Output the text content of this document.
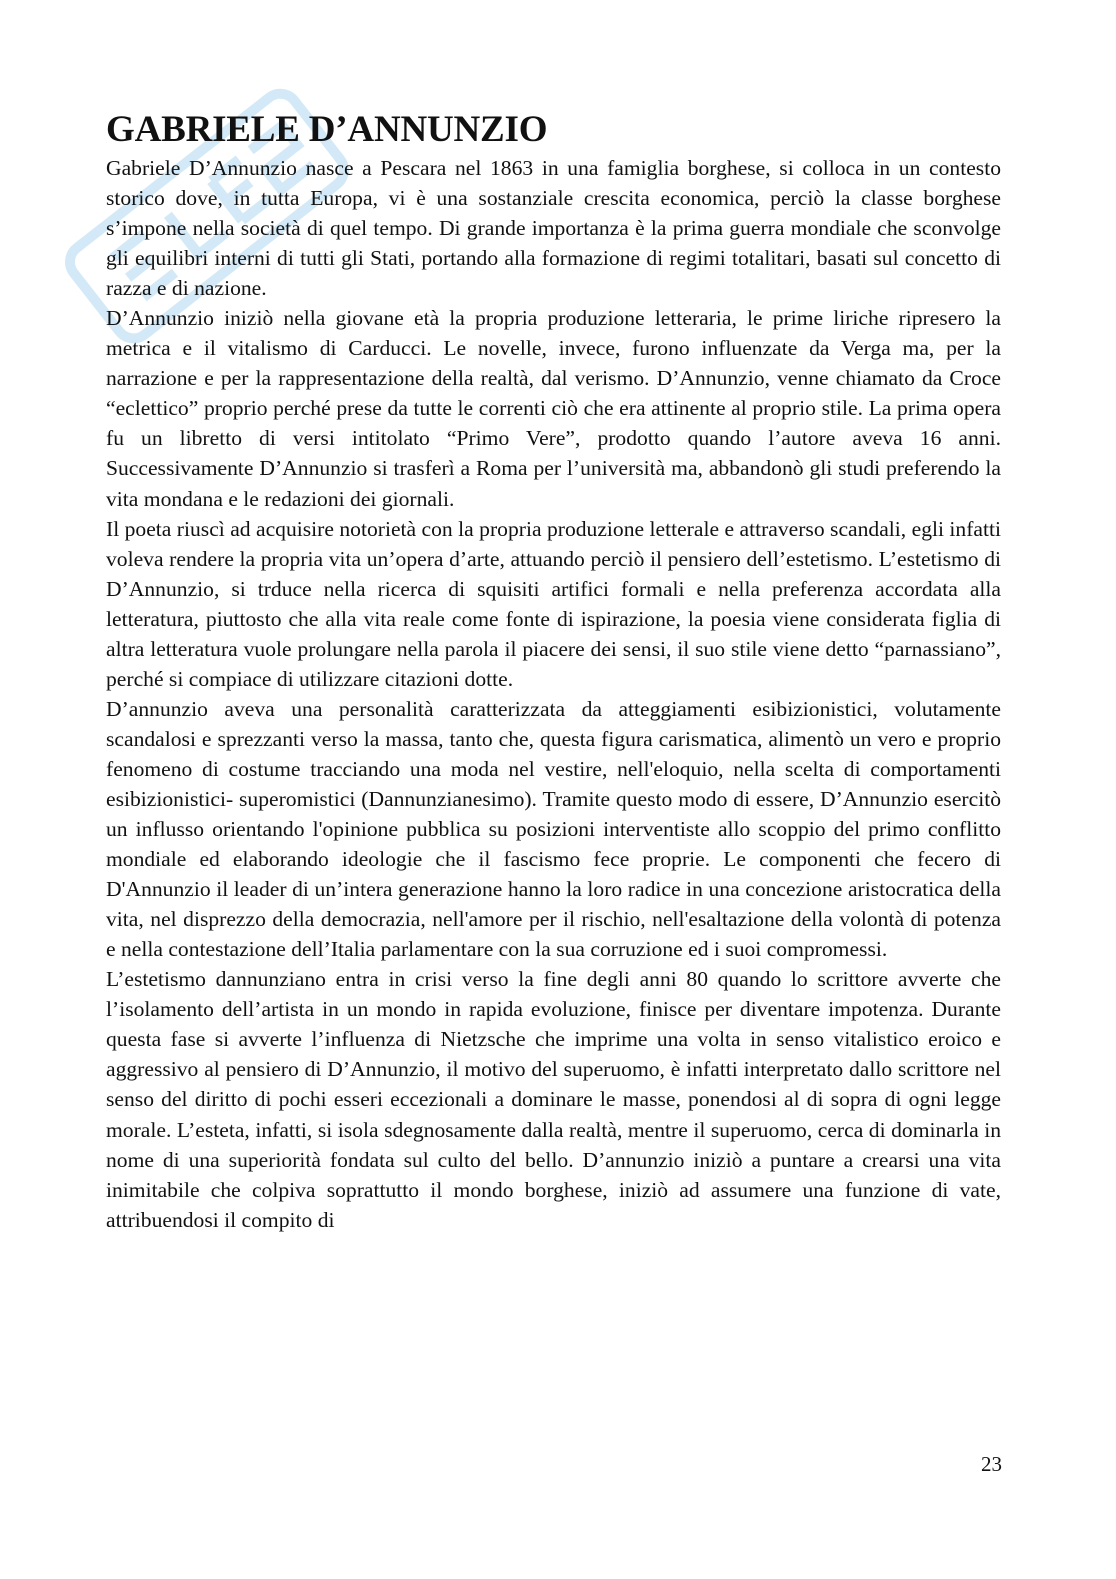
GABRIELE D’ANNUNZIO

Gabriele D’Annunzio nasce a Pescara nel 1863 in una famiglia borghese, si colloca in un contesto storico dove, in tutta Europa, vi è una sostanziale crescita economica, perciò la classe borghese s’impone nella società di quel tempo. Di grande importanza è la prima guerra mondiale che sconvolge gli equilibri interni di tutti gli Stati, portando alla formazione di regimi totalitari, basati sul concetto di razza e di nazione.

D’Annunzio iniziò nella giovane età la propria produzione letteraria, le prime liriche ripresero la metrica e il vitalismo di Carducci. Le novelle, invece, furono influenzate da Verga ma, per la narrazione e per la rappresentazione della realtà, dal verismo. D’Annunzio, venne chiamato da Croce “eclettico” proprio perché prese da tutte le correnti ciò che era attinente al proprio stile. La prima opera fu un libretto di versi intitolato “Primo Vere”, prodotto quando l’autore aveva 16 anni. Successivamente D’Annunzio si trasferì a Roma per l’università ma, abbandonò gli studi preferendo la vita mondana e le redazioni dei giornali.

Il poeta riuscì ad acquisire notorietà con la propria produzione letterale e attraverso scandali, egli infatti voleva rendere la propria vita un’opera d’arte, attuando perciò il pensiero dell’estetismo. L’estetismo di D’Annunzio, si trduce nella ricerca di squisiti artifici formali e nella preferenza accordata alla letteratura, piuttosto che alla vita reale come fonte di ispirazione, la poesia viene considerata figlia di altra letteratura vuole prolungare nella parola il piacere dei sensi, il suo stile viene detto “parnassiano”, perché si compiace di utilizzare citazioni dotte.

D’annunzio aveva una personalità caratterizzata da atteggiamenti esibizionistici, volutamente scandalosi e sprezzanti verso la massa, tanto che, questa figura carismatica, alimentò un vero e proprio fenomeno di costume tracciando una moda nel vestire, nell'eloquio, nella scelta di comportamenti esibizionistici- superomistici (Dannunzianesimo). Tramite questo modo di essere, D’Annunzio esercitò un influsso orientando l'opinione pubblica su posizioni interventiste allo scoppio del primo conflitto mondiale ed elaborando ideologie che il fascismo fece proprie. Le componenti che fecero di D'Annunzio il leader di un’intera generazione hanno la loro radice in una concezione aristocratica della vita, nel disprezzo della democrazia, nell'amore per il rischio, nell'esaltazione della volontà di potenza e nella contestazione dell’Italia parlamentare con la sua corruzione ed i suoi compromessi.

L’estetismo dannunziano entra in crisi verso la fine degli anni 80 quando lo scrittore avverte che l’isolamento dell’artista in un mondo in rapida evoluzione, finisce per diventare impotenza. Durante questa fase si avverte l’influenza di Nietzsche che imprime una volta in senso vitalistico eroico e aggressivo al pensiero di D’Annunzio, il motivo del superuomo, è infatti interpretato dallo scrittore nel senso del diritto di pochi esseri eccezionali a dominare le masse, ponendosi al di sopra di ogni legge morale. L’esteta, infatti, si isola sdegnosamente dalla realtà, mentre il superuomo, cerca di dominarla in nome di una superiorità fondata sul culto del bello. D’annunzio iniziò a puntare a crearsi una vita inimitabile che colpiva soprattutto il mondo borghese, iniziò ad assumere una funzione di vate, attribuendosi il compito di

23
